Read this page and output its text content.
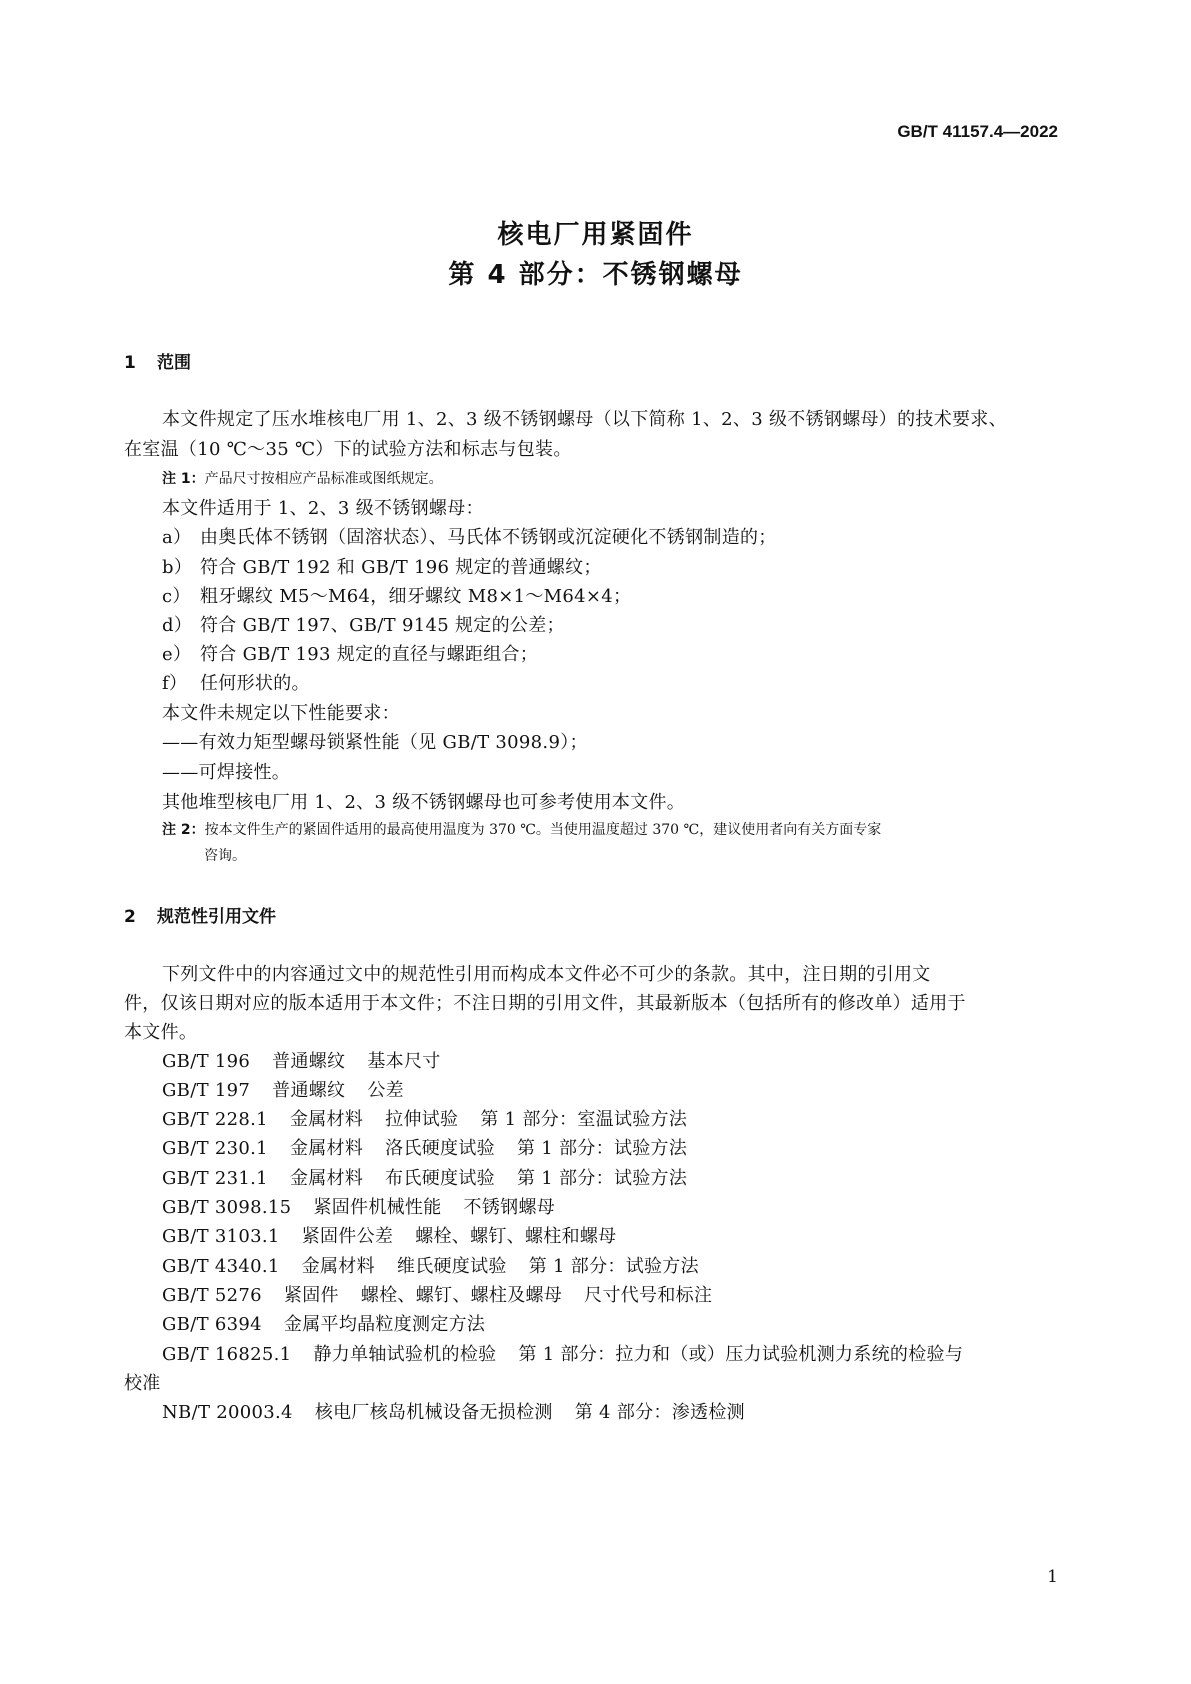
GB/T 41157.4—2022
核电厂用紧固件
第 4 部分：不锈钢螺母
1 范围
本文件规定了压水堆核电厂用 1、2、3 级不锈钢螺母（以下简称 1、2、3 级不锈钢螺母）的技术要求、
在室温（10 ℃～35 ℃）下的试验方法和标志与包装。
注 1：产品尺寸按相应产品标准或图纸规定。
本文件适用于 1、2、3 级不锈钢螺母：
a） 由奥氏体不锈钢（固溶状态）、马氏体不锈钢或沉淀硬化不锈钢制造的；
b） 符合 GB/T 192 和 GB/T 196 规定的普通螺纹；
c） 粗牙螺纹 M5～M64，细牙螺纹 M8×1～M64×4；
d） 符合 GB/T 197、GB/T 9145 规定的公差；
e） 符合 GB/T 193 规定的直径与螺距组合；
f） 任何形状的。
本文件未规定以下性能要求：
——有效力矩型螺母锁紧性能（见 GB/T 3098.9）；
——可焊接性。
其他堆型核电厂用 1、2、3 级不锈钢螺母也可参考使用本文件。
注 2：按本文件生产的紧固件适用的最高使用温度为 370 ℃。当使用温度超过 370 ℃，建议使用者向有关方面专家
咨询。
2 规范性引用文件
下列文件中的内容通过文中的规范性引用而构成本文件必不可少的条款。其中，注日期的引用文
件，仅该日期对应的版本适用于本文件；不注日期的引用文件，其最新版本（包括所有的修改单）适用于
本文件。
GB/T 196 普通螺纹 基本尺寸
GB/T 197 普通螺纹 公差
GB/T 228.1 金属材料 拉伸试验 第 1 部分：室温试验方法
GB/T 230.1 金属材料 洛氏硬度试验 第 1 部分：试验方法
GB/T 231.1 金属材料 布氏硬度试验 第 1 部分：试验方法
GB/T 3098.15 紧固件机械性能 不锈钢螺母
GB/T 3103.1 紧固件公差 螺栓、螺钉、螺柱和螺母
GB/T 4340.1 金属材料 维氏硬度试验 第 1 部分：试验方法
GB/T 5276 紧固件 螺栓、螺钉、螺柱及螺母 尺寸代号和标注
GB/T 6394 金属平均晶粒度测定方法
GB/T 16825.1 静力单轴试验机的检验 第 1 部分：拉力和（或）压力试验机测力系统的检验与
校准
NB/T 20003.4 核电厂核岛机械设备无损检测 第 4 部分：渗透检测
1
